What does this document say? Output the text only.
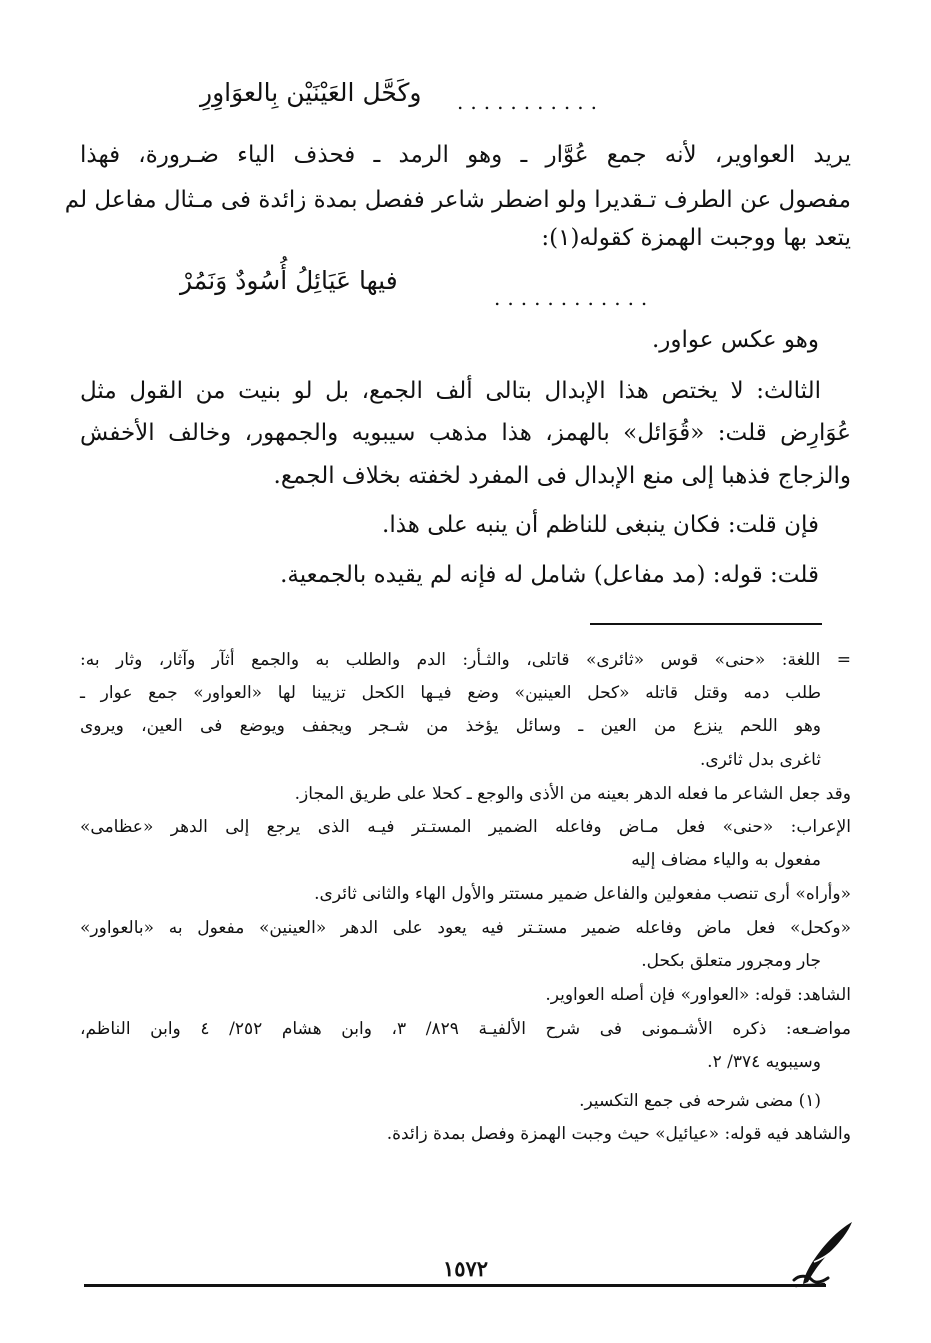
...........
وكَحَّل العَيْنَيْن بِالعوَاوِرِ
يريد العواوير، لأنه جمع عُوَّار ـ وهو الرمد ـ فحذف الياء ضـرورة، فهذا
مفصول عن الطرف تـقديرا ولو اضطر شاعر ففصل بمدة زائدة فى مـثال مفاعل لم
يتعد بها ووجبت الهمزة كقوله(١):
............
فيها عَيَائِلُ أُسُودٌ وَنَمُرْ
وهو عكس عواور.
الثالث: لا يختص هذا الإبدال بتالى ألف الجمع، بل لو بنيت من القول مثل
عُوَارِض قلت: «قُوَائل» بالهمز، هذا مذهب سيبويه والجمهور، وخالف الأخفش
والزجاج فذهبا إلى منع الإبدال فى المفرد لخفته بخلاف الجمع.
فإن قلت: فكان ينبغى للناظم أن ينبه على هذا.
قلت: قوله: (مد مفاعل) شامل له فإنه لم يقيده بالجمعية.
= اللغة: «حنى» قوس «ثائرى» قاتلى، والثـأر: الدم والطلب به والجمع أثآر وآثار، وثار به:
طلب دمه وقتل قاتله «كحل العينين» وضع فيـها الكحل تزيينا لها «العواور» جمع عوار ـ
وهو اللحم ينزع من العين ـ وسائل يؤخذ من شـجر ويجفف ويوضع فى العين، ويروى
ثاغرى بدل ثائرى.
وقد جعل الشاعر ما فعله الدهر بعينه من الأذى والوجع ـ كحلا على طريق المجاز.
الإعراب: «حنى» فعل مـاض وفاعله الضمير المستـتر فيـه الذى يرجع إلى الدهر «عظامى»
مفعول به والياء مضاف إليه
«وأراه» أرى تنصب مفعولين والفاعل ضمير مستتر والأول الهاء والثانى ثائرى.
«وكحل» فعل ماض وفاعله ضمير مستـتر فيه يعود على الدهر «العينين» مفعول به «بالعواور»
جار ومجرور متعلق بكحل.
الشاهد: قوله: «العواور» فإن أصله العواوير.
مواضـعه: ذكره الأشـمونى فى شرح الألفيـة ٨٢٩/ ٣، وابن هشام ٢٥٢/ ٤ وابن الناظم،
وسيبويه ٣٧٤/ ٢.
(١) مضى شرحه فى جمع التكسير.
والشاهد فيه قوله: «عيائيل» حيث وجبت الهمزة وفصل بمدة زائدة.
١٥٧٢
